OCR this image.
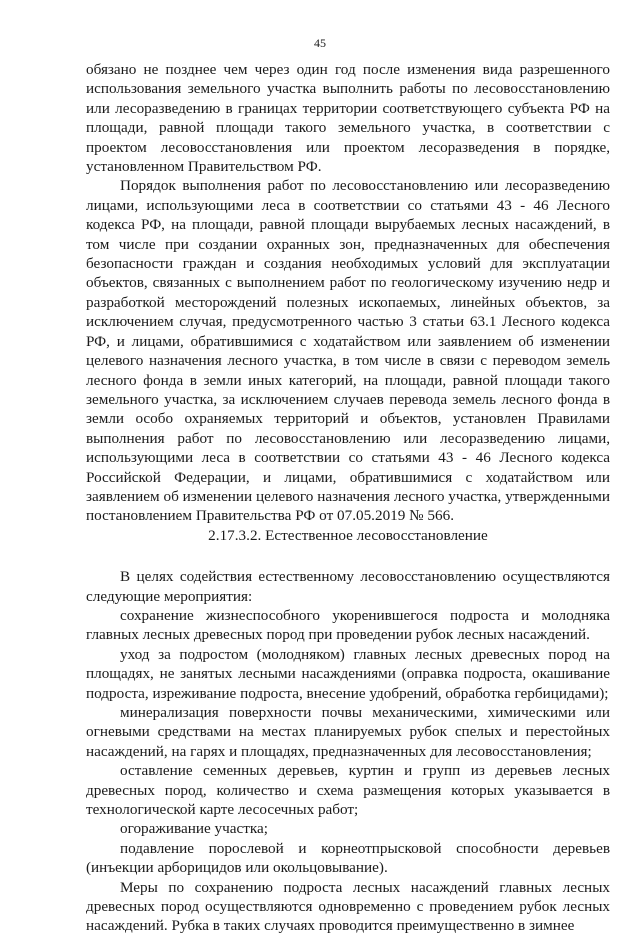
45

обязано не позднее чем через один год после изменения вида разрешенного использования земельного участка выполнить работы по лесовосстановлению или лесоразведению в границах территории соответствующего субъекта РФ на площади, равной площади такого земельного участка, в соответствии с проектом лесовосстановления или проектом лесоразведения в порядке, установленном Правительством РФ.

Порядок выполнения работ по лесовосстановлению или лесоразведению лицами, использующими леса в соответствии со статьями 43 - 46 Лесного кодекса РФ, на площади, равной площади вырубаемых лесных насаждений, в том числе при создании охранных зон, предназначенных для обеспечения безопасности граждан и создания необходимых условий для эксплуатации объектов, связанных с выполнением работ по геологическому изучению недр и разработкой месторождений полезных ископаемых, линейных объектов, за исключением случая, предусмотренного частью 3 статьи 63.1 Лесного кодекса РФ, и лицами, обратившимися с ходатайством или заявлением об изменении целевого назначения лесного участка, в том числе в связи с переводом земель лесного фонда в земли иных категорий, на площади, равной площади такого земельного участка, за исключением случаев перевода земель лесного фонда в земли особо охраняемых территорий и объектов, установлен Правилами выполнения работ по лесовосстановлению или лесоразведению лицами, использующими леса в соответствии со статьями 43 - 46 Лесного кодекса Российской Федерации, и лицами, обратившимися с ходатайством или заявлением об изменении целевого назначения лесного участка, утвержденными постановлением Правительства РФ от 07.05.2019 № 566.

2.17.3.2. Естественное лесовосстановление

В целях содействия естественному лесовосстановлению осуществляются следующие мероприятия:

сохранение жизнеспособного укоренившегося подроста и молодняка главных лесных древесных пород при проведении рубок лесных насаждений.

уход за подростом (молодняком) главных лесных древесных пород на площадях, не занятых лесными насаждениями (оправка подроста, окашивание подроста, изреживание подроста, внесение удобрений, обработка гербицидами);

минерализация поверхности почвы механическими, химическими или огневыми средствами на местах планируемых рубок спелых и перестойных насаждений, на гарях и площадях, предназначенных для лесовосстановления;

оставление семенных деревьев, куртин и групп из деревьев лесных древесных пород, количество и схема размещения которых указывается в технологической карте лесосечных работ;

огораживание участка;

подавление порослевой и корнеотпрысковой способности деревьев (инъекции арборицидов или окольцовывание).

Меры по сохранению подроста лесных насаждений главных лесных древесных пород осуществляются одновременно с проведением рубок лесных насаждений. Рубка в таких случаях проводится преимущественно в зимнее
